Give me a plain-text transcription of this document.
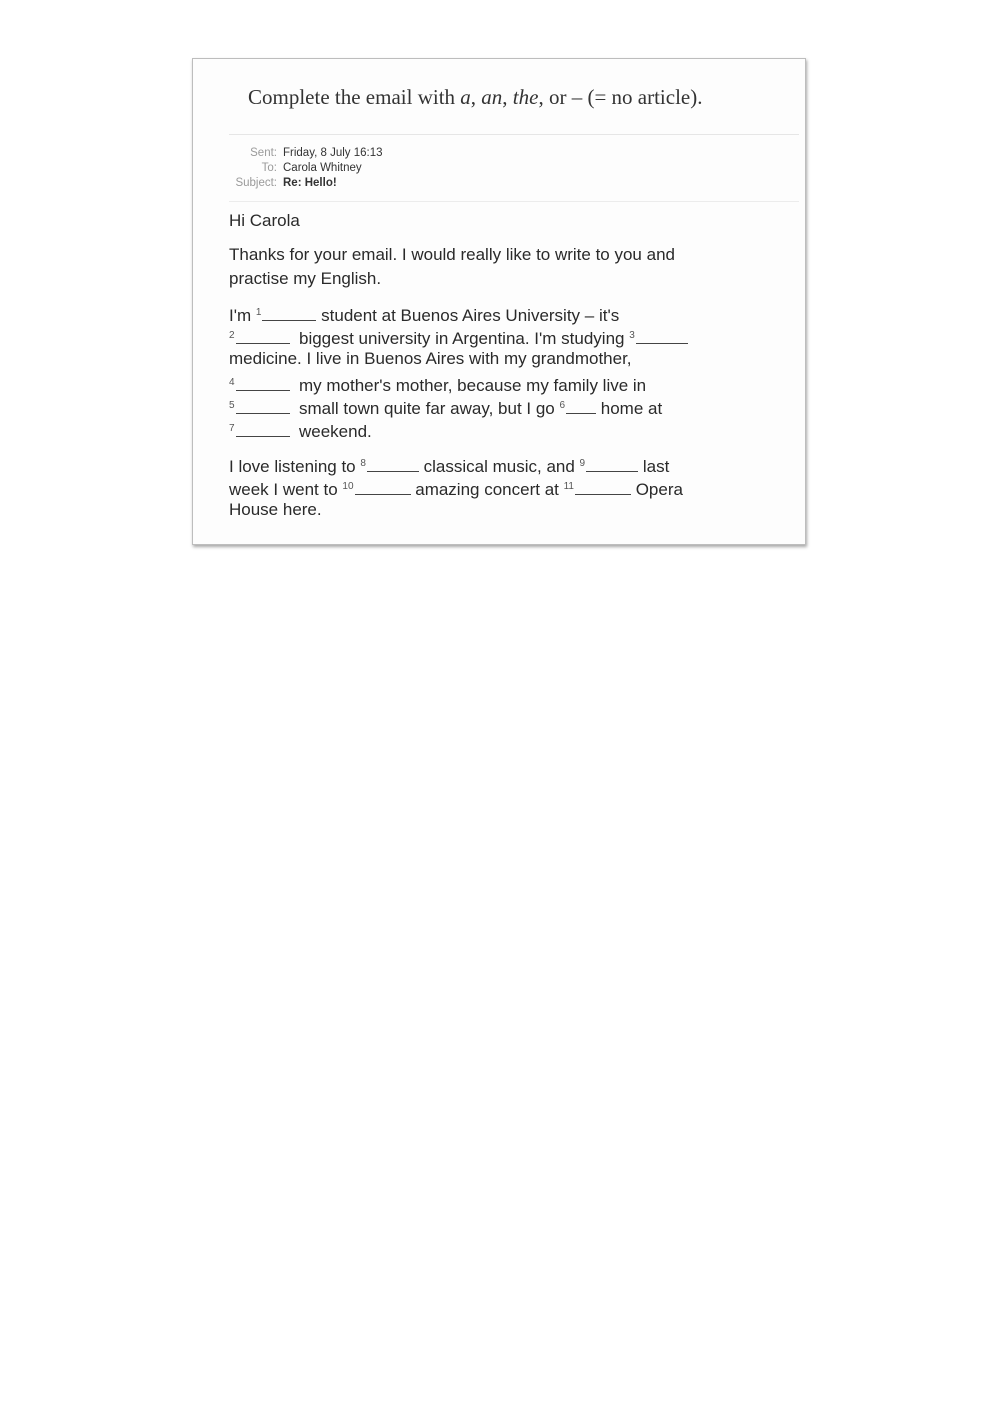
Complete the email with a, an, the, or – (= no article).

Sent: Friday, 8 July 16:13
To: Carola Whitney
Subject: Re: Hello!

Hi Carola

Thanks for your email. I would really like to write to you and
practise my English.
I'm $^1$	student at Buenos Aires University – it's
$^2$	biggest university in Argentina. I'm studying $^3$
medicine. I live in Buenos Aires with my grandmother,
$^4$	my mother's mother, because my family live in
$^5$	small town quite far away, but I go $^6$ home at
$^7$	weekend.
I love listening to $^8$	classical music, and $^9$	last
week I went to $^{10}$	amazing concert at $^{11}$	Opera
House here.
